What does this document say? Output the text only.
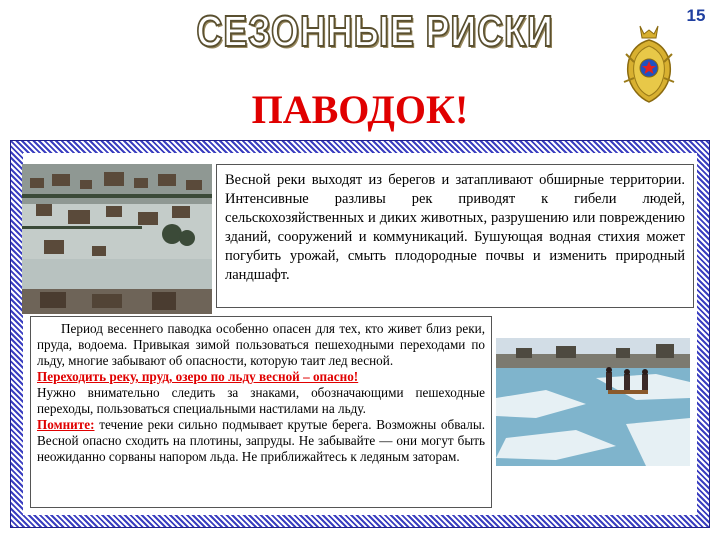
15
СЕЗОННЫЕ РИСКИ
ПАВОДОК!
Весной реки выходят из берегов и затапливают обширные территории. Интенсивные разливы рек приводят к гибели людей, сельскохозяйственных и диких животных, разрушению или повреждению зданий, сооружений и коммуникаций. Бушующая водная стихия может погубить урожай, смыть плодородные почвы и изменить природный ландшафт.

Период весеннего паводка особенно опасен для тех, кто живет близ реки, пруда, водоема. Привыкая зимой пользоваться пешеходными переходами по льду, многие забывают об опасности, которую таит лед весной.

Переходить реку, пруд, озеро по льду весной – опасно!

Нужно внимательно следить за знаками, обозначающими пешеходные переходы, пользоваться специальными настилами на льду.

Помните: течение реки сильно подмывает крутые берега. Возможны обвалы. Весной опасно сходить на плотины, запруды. Не забывайте — они могут быть неожиданно сорваны напором льда. Не приближайтесь к ледяным заторам.
